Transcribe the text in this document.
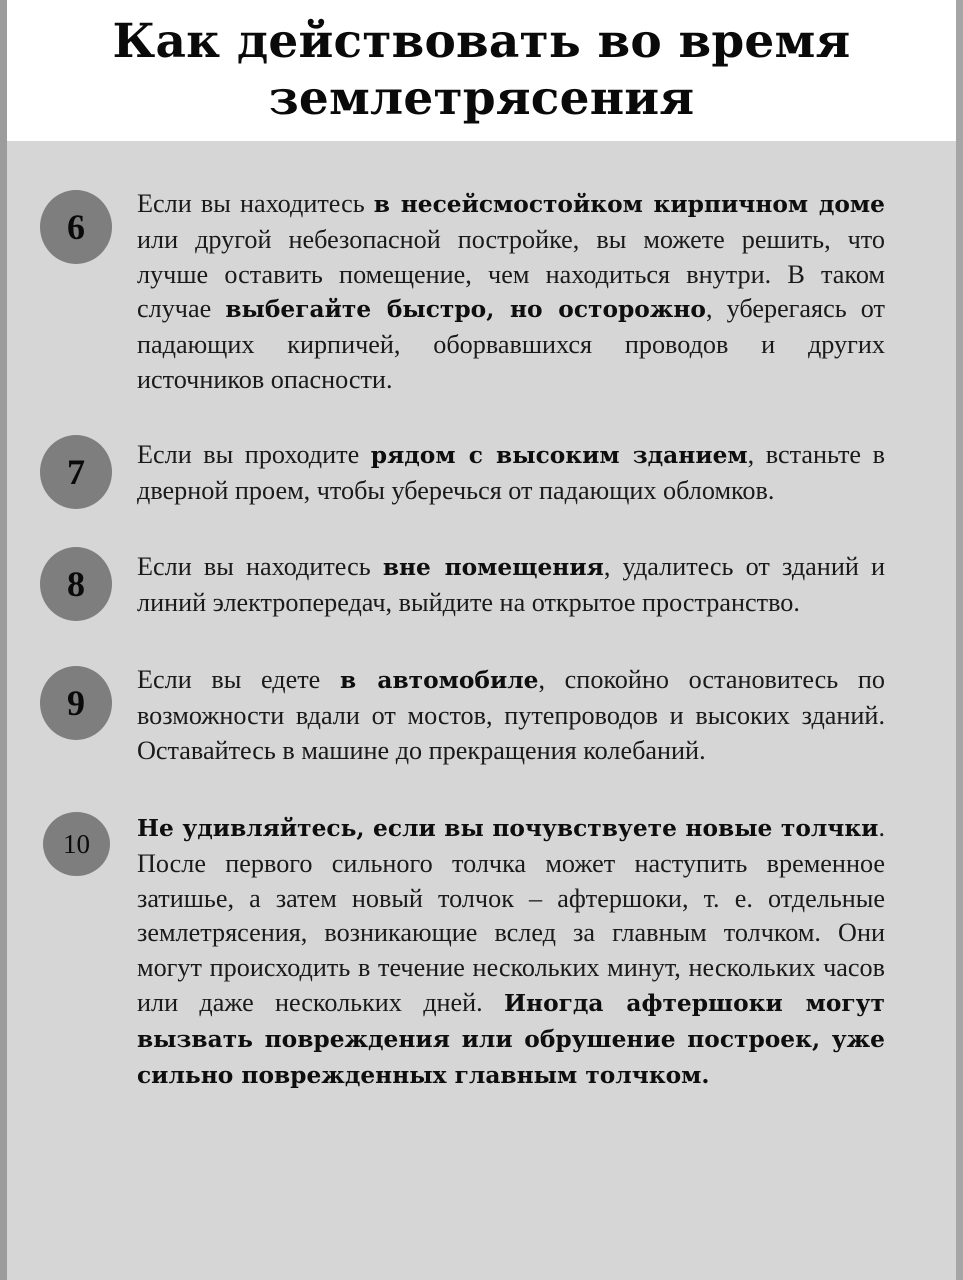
Как действовать во время
землетрясения
6

Если вы находитесь в несейсмостойком кирпичном доме или другой небезопасной постройке, вы можете решить, что лучше оставить помещение, чем находиться внутри. В таком случае выбегайте быстро, но осторожно, уберегаясь от падающих кирпичей, оборвавшихся проводов и других источников опасности.

7	Если вы проходите рядом с высоким зданием, встаньте в дверной проем, чтобы уберечься от падающих обломков.

8	Если вы находитесь вне помещения, удалитесь от зданий и линий электропередач, выйдите на открытое пространство.

9

Если вы едете в автомобиле, спокойно остановитесь по возможности вдали от мостов, путепроводов и высоких зданий. Оставайтесь в машине до прекращения колебаний.

10	Не удивляйтесь, если вы почувствуете новые толчки. После первого сильного толчка может наступить временное затишье, а затем новый толчок – афтершоки, т. е. отдельные землетрясения, возникающие вслед за главным толчком. Они могут происходить в течение нескольких минут, нескольких часов или даже нескольких дней. Иногда афтершоки могут вызвать повреждения или обрушение построек, уже сильно поврежденных главным толчком.
